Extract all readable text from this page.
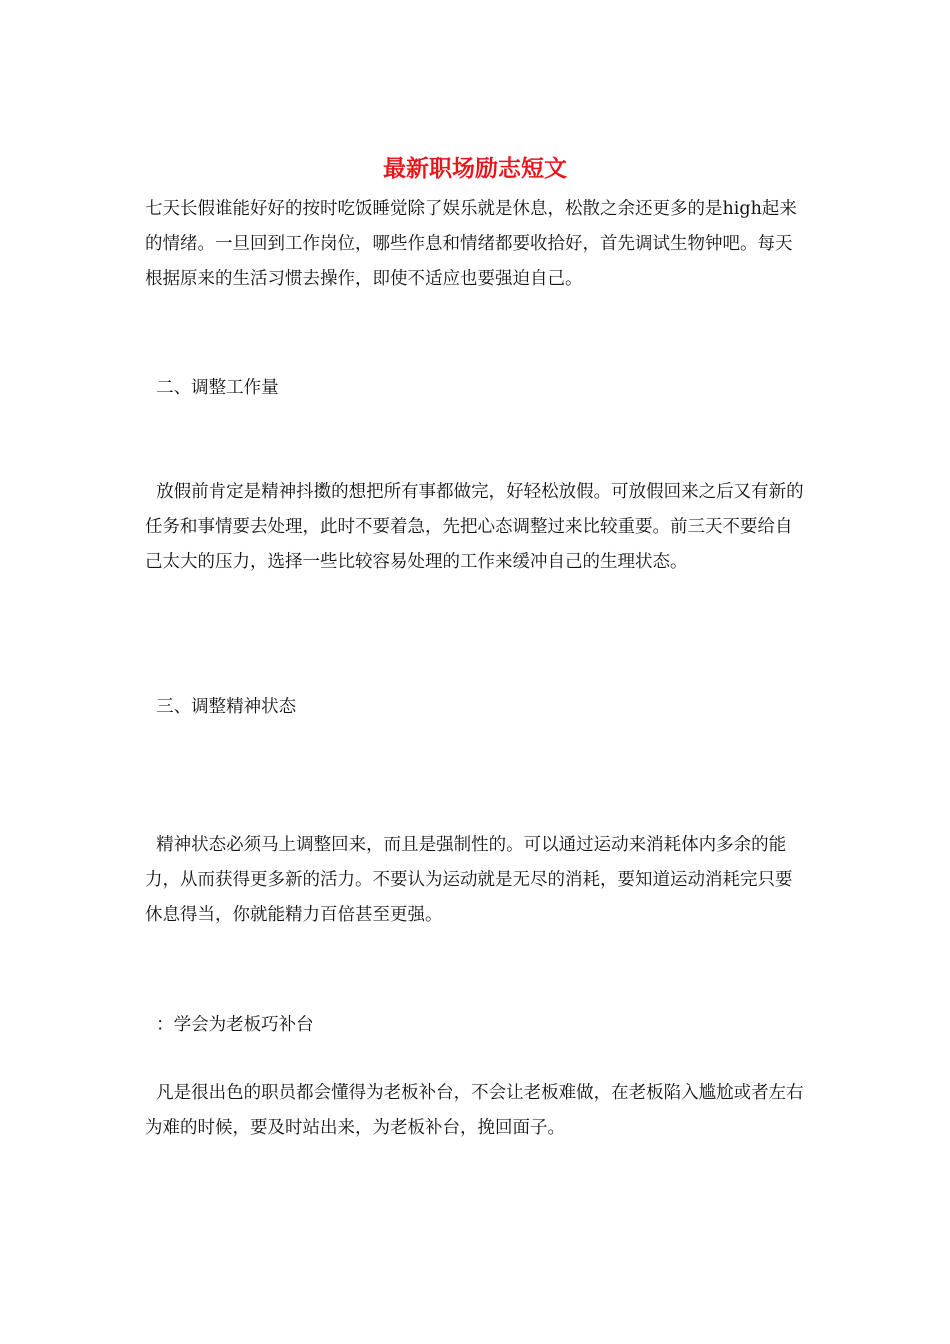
最新职场励志短文

七天长假谁能好好的按时吃饭睡觉除了娱乐就是休息，松散之余还更多的是high起来的情绪。一旦回到工作岗位，哪些作息和情绪都要收拾好，首先调试生物钟吧。每天根据原来的生活习惯去操作，即使不适应也要强迫自己。

二、调整工作量

放假前肯定是精神抖擞的想把所有事都做完，好轻松放假。可放假回来之后又有新的任务和事情要去处理，此时不要着急，先把心态调整过来比较重要。前三天不要给自己太大的压力，选择一些比较容易处理的工作来缓冲自己的生理状态。

三、调整精神状态

精神状态必须马上调整回来，而且是强制性的。可以通过运动来消耗体内多余的能力，从而获得更多新的活力。不要认为运动就是无尽的消耗，要知道运动消耗完只要休息得当，你就能精力百倍甚至更强。

：学会为老板巧补台

凡是很出色的职员都会懂得为老板补台，不会让老板难做，在老板陷入尴尬或者左右为难的时候，要及时站出来，为老板补台，挽回面子。
